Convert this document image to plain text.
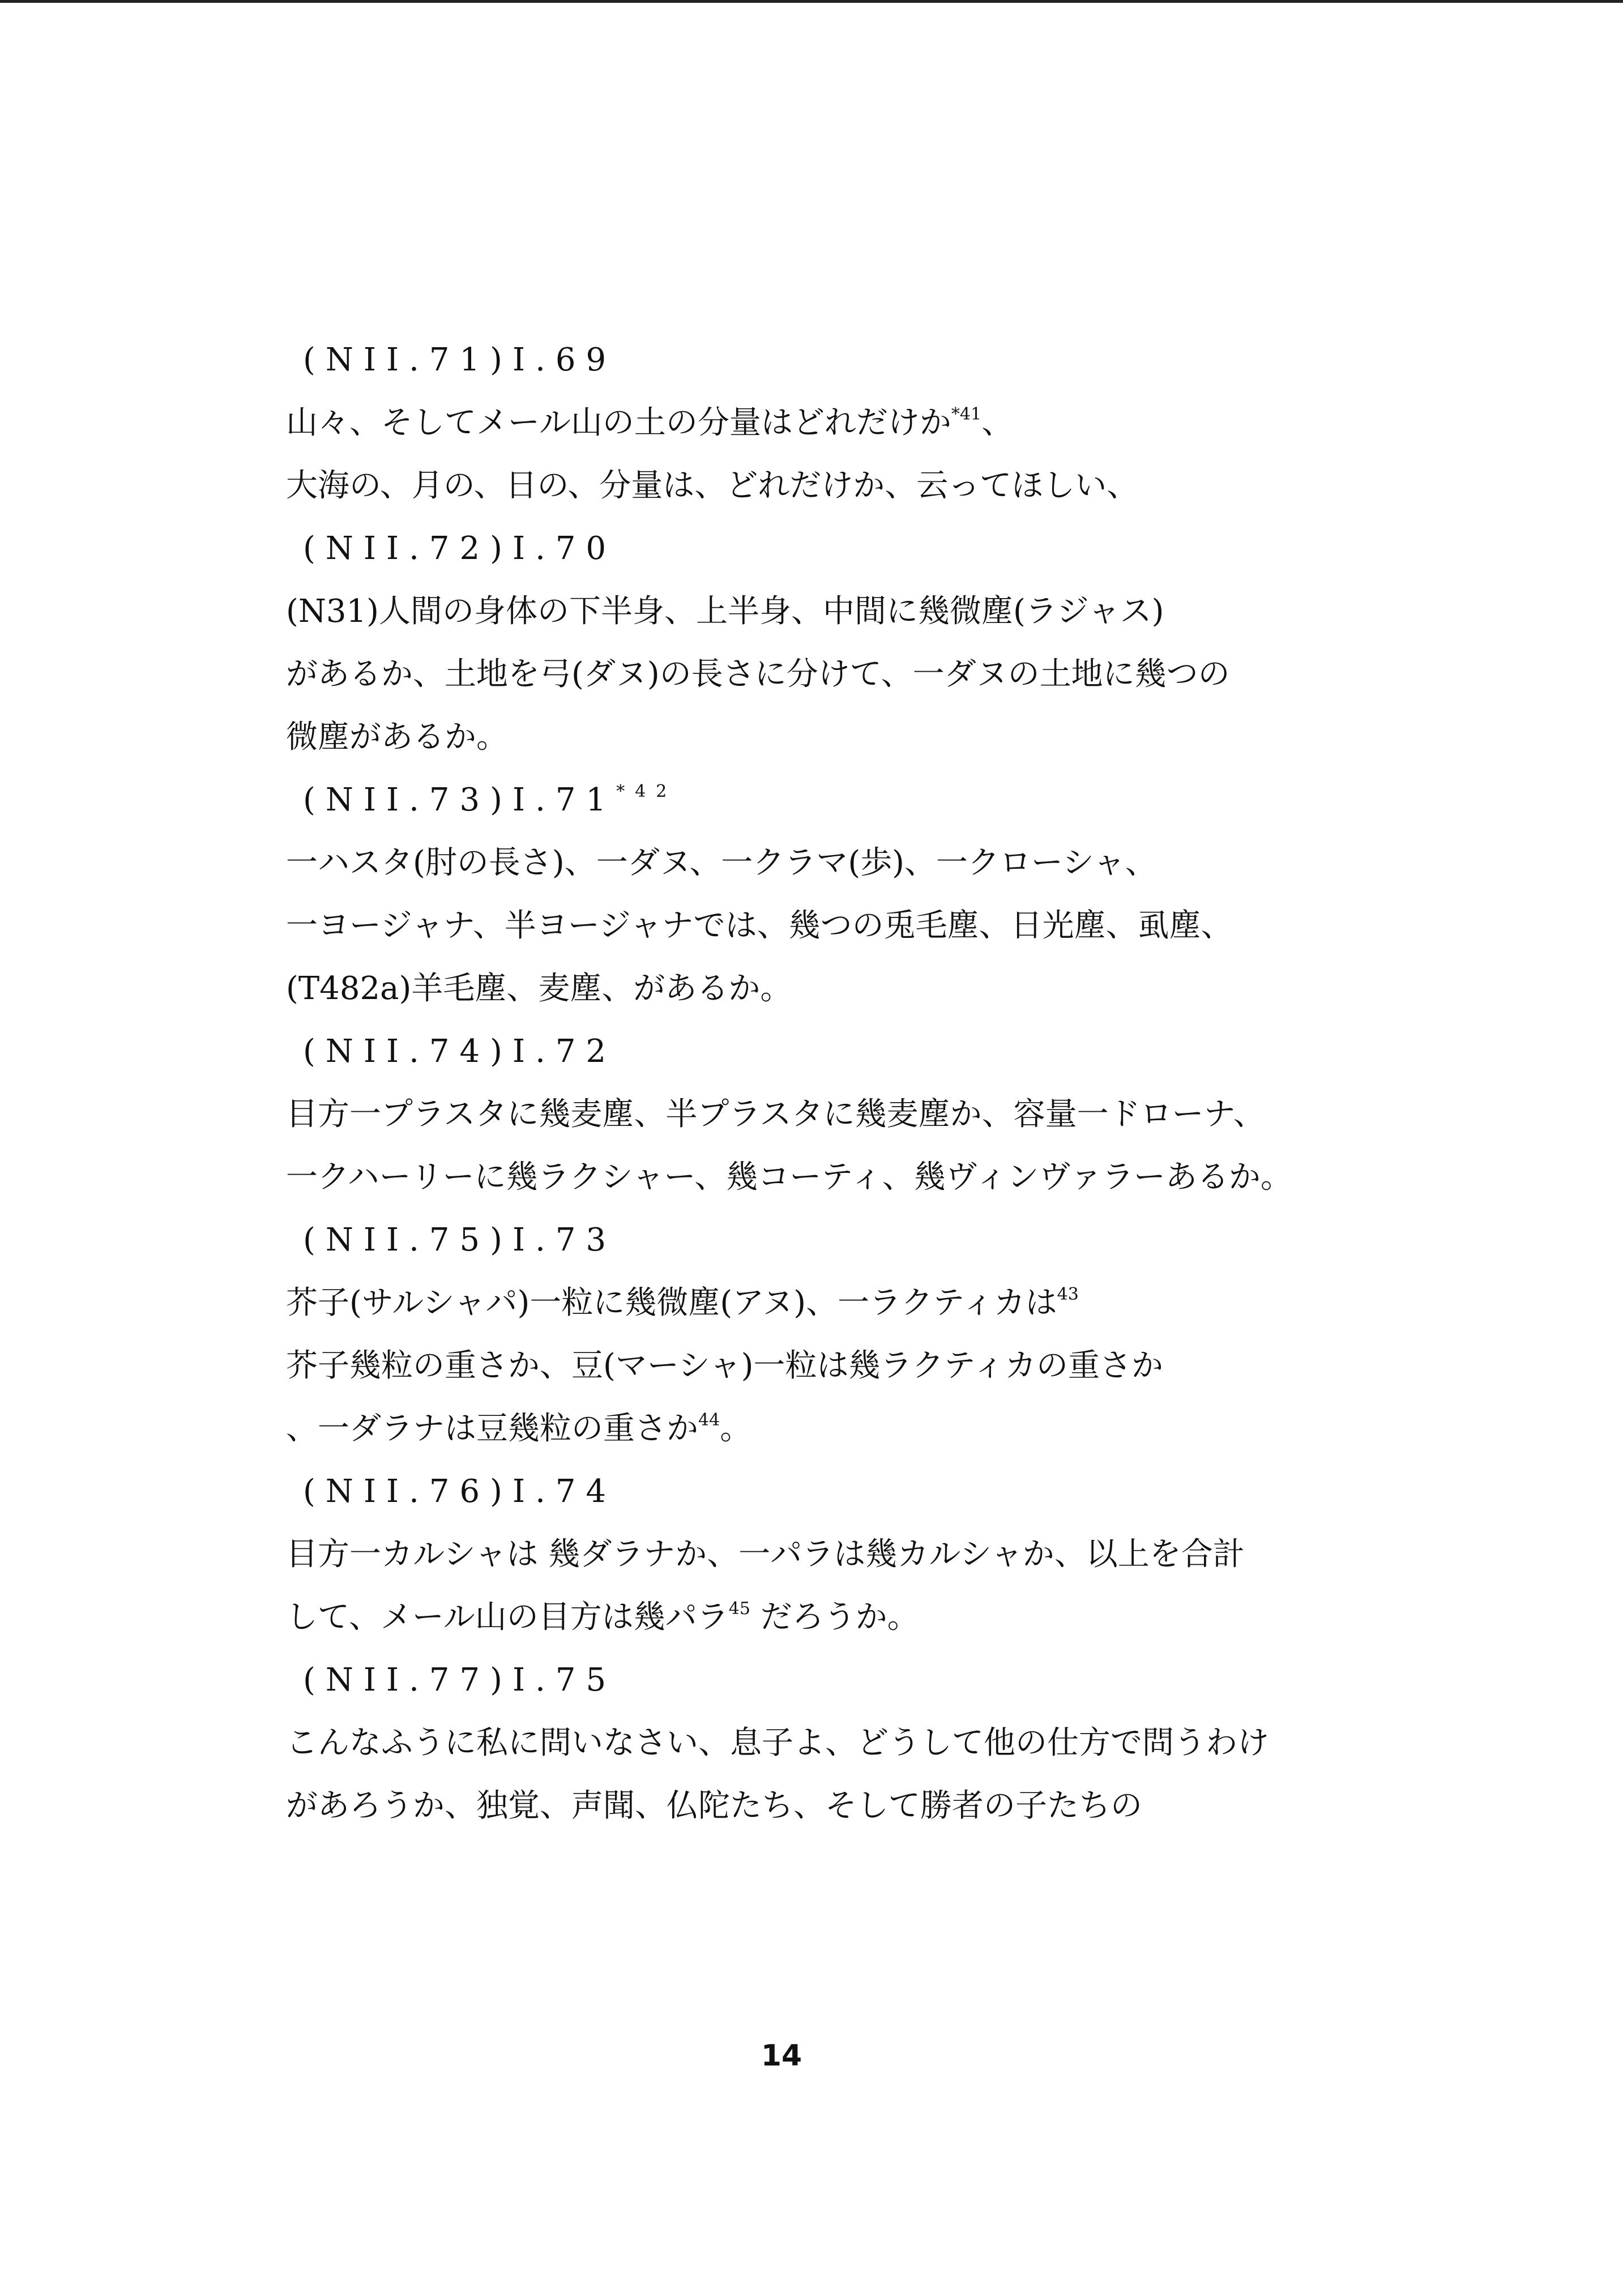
(NII.71)I.69
山々、そしてメール山の土の分量はどれだけか$^{*41}$、
大海の、月の、日の、分量は、どれだけか、云ってほしい、
(NII.72)I.70
(N31)人間の身体の下半身、上半身、中間に幾微塵(ラジャス)
があるか、土地を弓(ダヌ)の長さに分けて、一ダヌの土地に幾つの
微塵があるか。
(NII.73)I.71$^{*42}$
一ハスタ(肘の長さ)、一ダヌ、一クラマ(歩)、一クローシャ、
一ヨージャナ、半ヨージャナでは、幾つの兎毛塵、日光塵、虱塵、
(T482a)羊毛塵、麦塵、があるか。
(NII.74)I.72
目方一プラスタに幾麦塵、半プラスタに幾麦塵か、容量一ドローナ、
一クハーリーに幾ラクシャー、幾コーティ、幾ヴィンヴァラーあるか。
(NII.75)I.73
芥子(サルシャパ)一粒に幾微塵(アヌ)、一ラクティカは$^{43}$
芥子幾粒の重さか、豆(マーシャ)一粒は幾ラクティカの重さか
、一ダラナは豆幾粒の重さか$^{44}$。
(NII.76)I.74
目方一カルシャは 幾ダラナか、一パラは幾カルシャか、以上を合計
して、メール山の目方は幾パラ$^{45}$ だろうか。
(NII.77)I.75
こんなふうに私に問いなさい、息子よ、どうして他の仕方で問うわけ
があろうか、独覚、声聞、仏陀たち、そして勝者の子たちの
14
